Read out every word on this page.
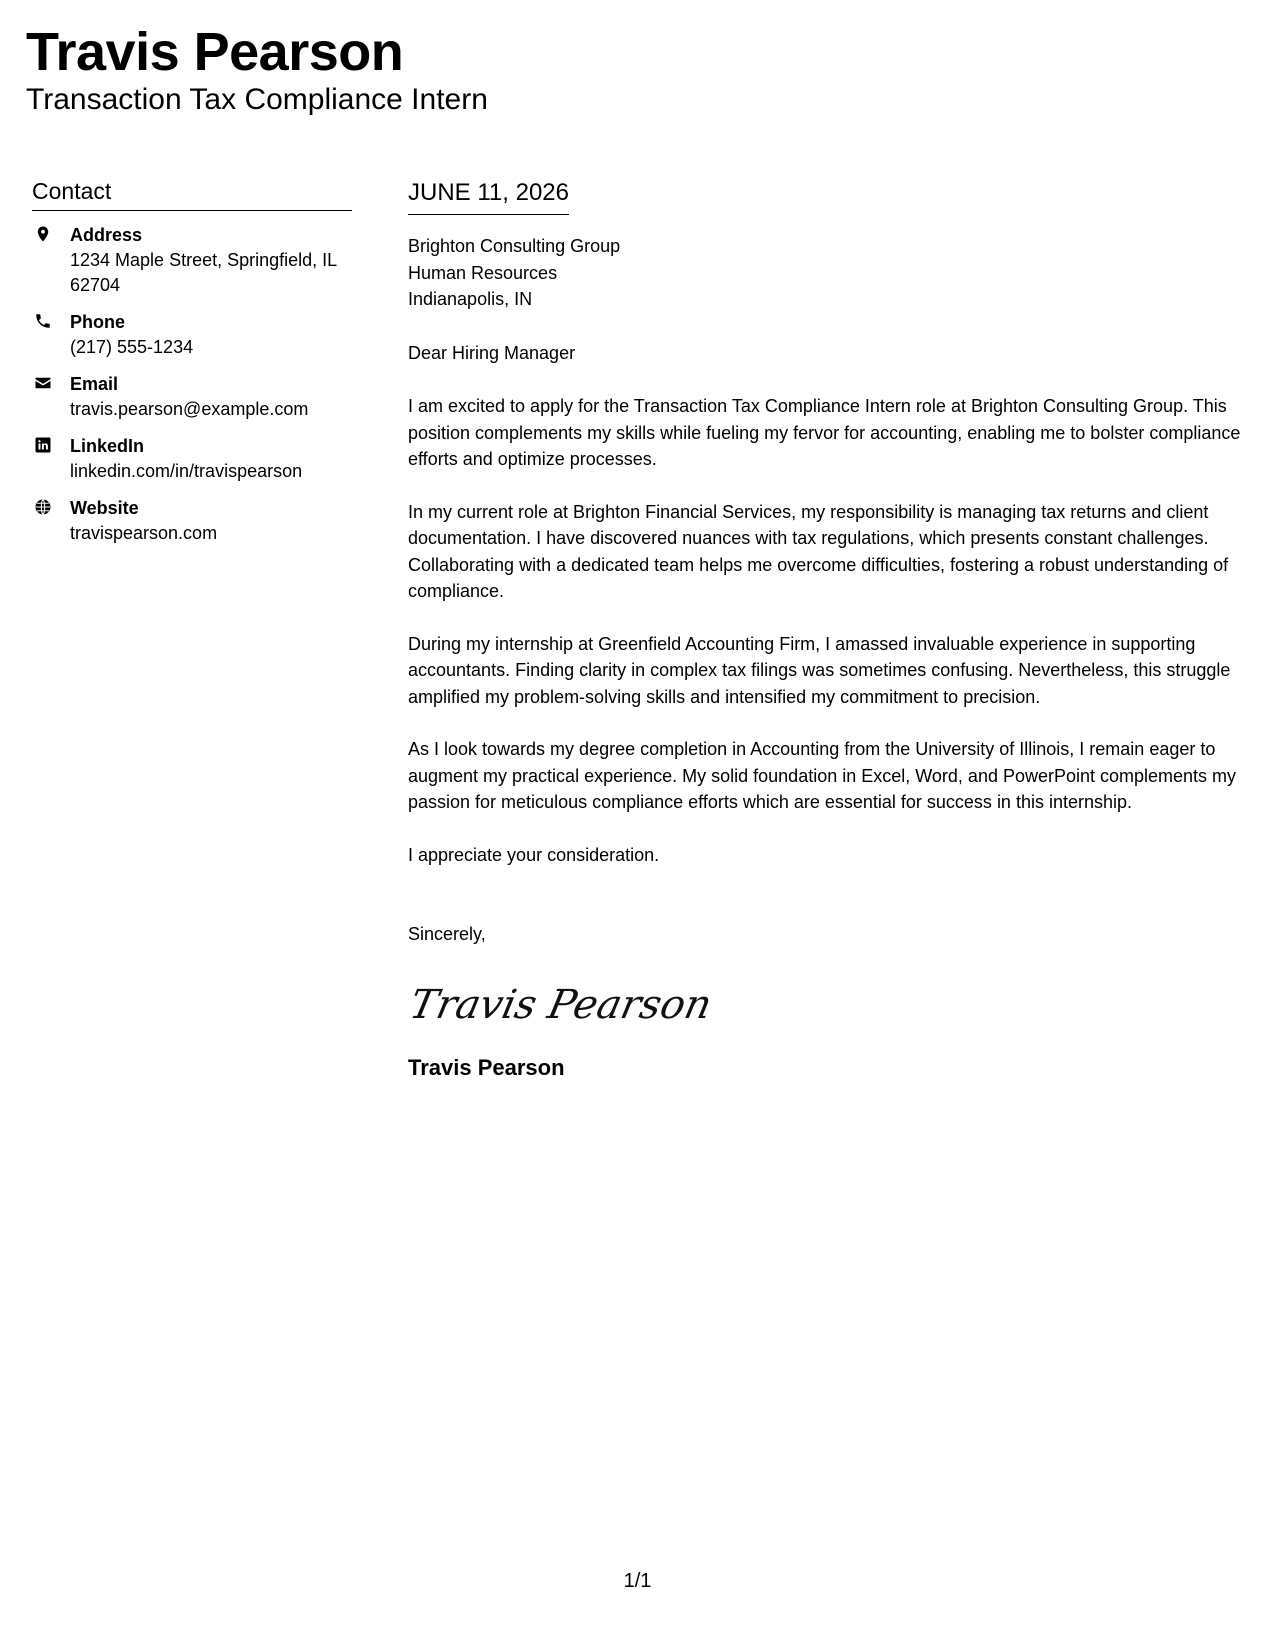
Travis Pearson
Transaction Tax Compliance Intern
Contact
Address
1234 Maple Street, Springfield, IL 62704
Phone
(217) 555-1234
Email
travis.pearson@example.com
LinkedIn
linkedin.com/in/travispearson
Website
travispearson.com
JUNE 11, 2026
Brighton Consulting Group
Human Resources
Indianapolis, IN

Dear Hiring Manager

I am excited to apply for the Transaction Tax Compliance Intern role at Brighton Consulting Group. This position complements my skills while fueling my fervor for accounting, enabling me to bolster compliance efforts and optimize processes.

In my current role at Brighton Financial Services, my responsibility is managing tax returns and client documentation. I have discovered nuances with tax regulations, which presents constant challenges. Collaborating with a dedicated team helps me overcome difficulties, fostering a robust understanding of compliance.

During my internship at Greenfield Accounting Firm, I amassed invaluable experience in supporting accountants. Finding clarity in complex tax filings was sometimes confusing. Nevertheless, this struggle amplified my problem-solving skills and intensified my commitment to precision.

As I look towards my degree completion in Accounting from the University of Illinois, I remain eager to augment my practical experience. My solid foundation in Excel, Word, and PowerPoint complements my passion for meticulous compliance efforts which are essential for success in this internship.

I appreciate your consideration.

Sincerely,

Travis Pearson
Travis Pearson
1/1
